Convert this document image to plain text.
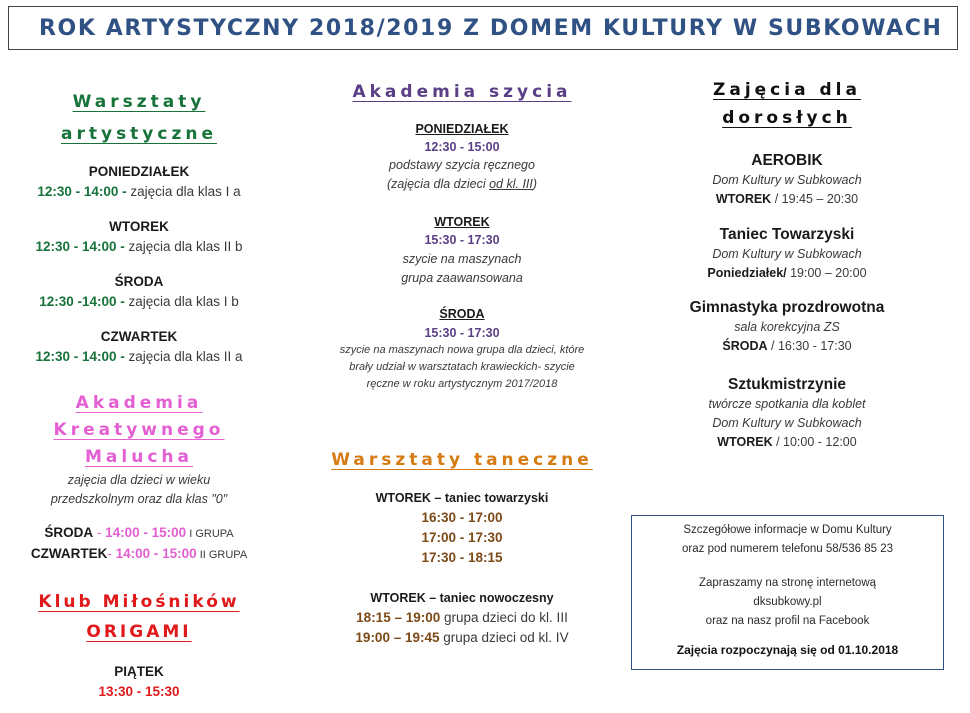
ROK ARTYSTYCZNY 2018/2019 Z DOMEM KULTURY W SUBKOWACH
Warsztaty
artystyczne
PONIEDZIAŁEK
12:30 - 14:00 - zajęcia dla klas I a
WTOREK
12:30 - 14:00 - zajęcia dla klas II b
ŚRODA
12:30 -14:00 - zajęcia dla klas I b
CZWARTEK
12:30 - 14:00 - zajęcia dla klas II a
Akademia
Kreatywnego
Malucha
zajęcia dla dzieci w wieku
przedszkolnym oraz dla klas "0"
ŚRODA - 14:00 - 15:00 I GRUPA
CZWARTEK- 14:00 - 15:00 II GRUPA
Klub Miłośników
ORIGAMI
PIĄTEK
13:30 - 15:30
Akademia szycia
PONIEDZIAŁEK
12:30 - 15:00
podstawy szycia ręcznego
(zajęcia dla dzieci od kl. III)
WTOREK
15:30 - 17:30
szycie na maszynach
grupa zaawansowana
ŚRODA
15:30 - 17:30
szycie na maszynach nowa grupa dla dzieci, które
brały udział w warsztatach krawieckich- szycie
ręczne w roku artystycznym 2017/2018
Warsztaty taneczne
WTOREK – taniec towarzyski
16:30 - 17:00
17:00 - 17:30
17:30 - 18:15
WTOREK – taniec nowoczesny
18:15 – 19:00 grupa dzieci do kl. III
19:00 – 19:45 grupa dzieci od kl. IV
Zajęcia dla
dorosłych
AEROBIK
Dom Kultury w Subkowach
WTOREK / 19:45 – 20:30
Taniec Towarzyski
Dom Kultury w Subkowach
Poniedziałek/ 19:00 – 20:00
Gimnastyka prozdrowotna
sala korekcyjna ZS
ŚRODA / 16:30 - 17:30
Sztukmistrzynie
twórcze spotkania dla koblet
Dom Kultury w Subkowach
WTOREK / 10:00 - 12:00
Szczegółowe informacje w Domu Kultury
oraz pod numerem telefonu 58/536 85 23
Zapraszamy na stronę internetową
dksubkowy.pl
oraz na nasz profil na Facebook
Zajęcia rozpoczynają się od 01.10.2018
